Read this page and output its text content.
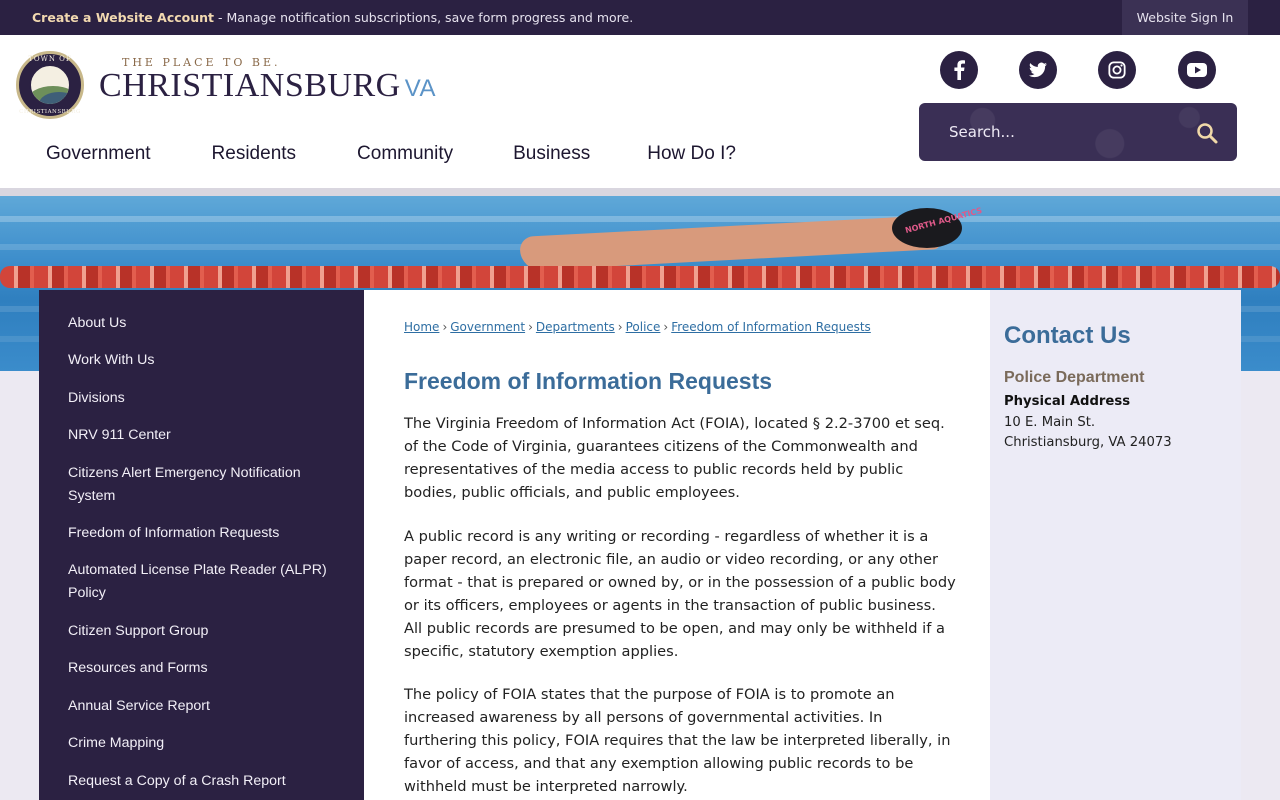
Create a Website Account - Manage notification subscriptions, save form progress and more.	Website Sign In
TOWN OF
CHRISTIANSBURG
THE PLACE TO BE.
CHRISTIANSBURG VA
Search...
Government	Residents	Community	Business	How Do I?
NORTH AQUATICS
About Us
Work With Us
Divisions
NRV 911 Center
Citizens Alert Emergency Notification System
Freedom of Information Requests
Automated License Plate Reader (ALPR) Policy
Citizen Support Group
Resources and Forms
Annual Service Report
Crime Mapping
Request a Copy of a Crash Report
Home › Government › Departments › Police › Freedom of Information Requests
Freedom of Information Requests
The Virginia Freedom of Information Act (FOIA), located § 2.2-3700 et seq. of the Code of Virginia, guarantees citizens of the Commonwealth and representatives of the media access to public records held by public bodies, public officials, and public employees.
A public record is any writing or recording - regardless of whether it is a paper record, an electronic file, an audio or video recording, or any other format - that is prepared or owned by, or in the possession of a public body or its officers, employees or agents in the transaction of public business. All public records are presumed to be open, and may only be withheld if a specific, statutory exemption applies.
The policy of FOIA states that the purpose of FOIA is to promote an increased awareness by all persons of governmental activities. In furthering this policy, FOIA requires that the law be interpreted liberally, in favor of access, and that any exemption allowing public records to be withheld must be interpreted narrowly.
Contact Us
Police Department
Physical Address
10 E. Main St.
Christiansburg, VA 24073
